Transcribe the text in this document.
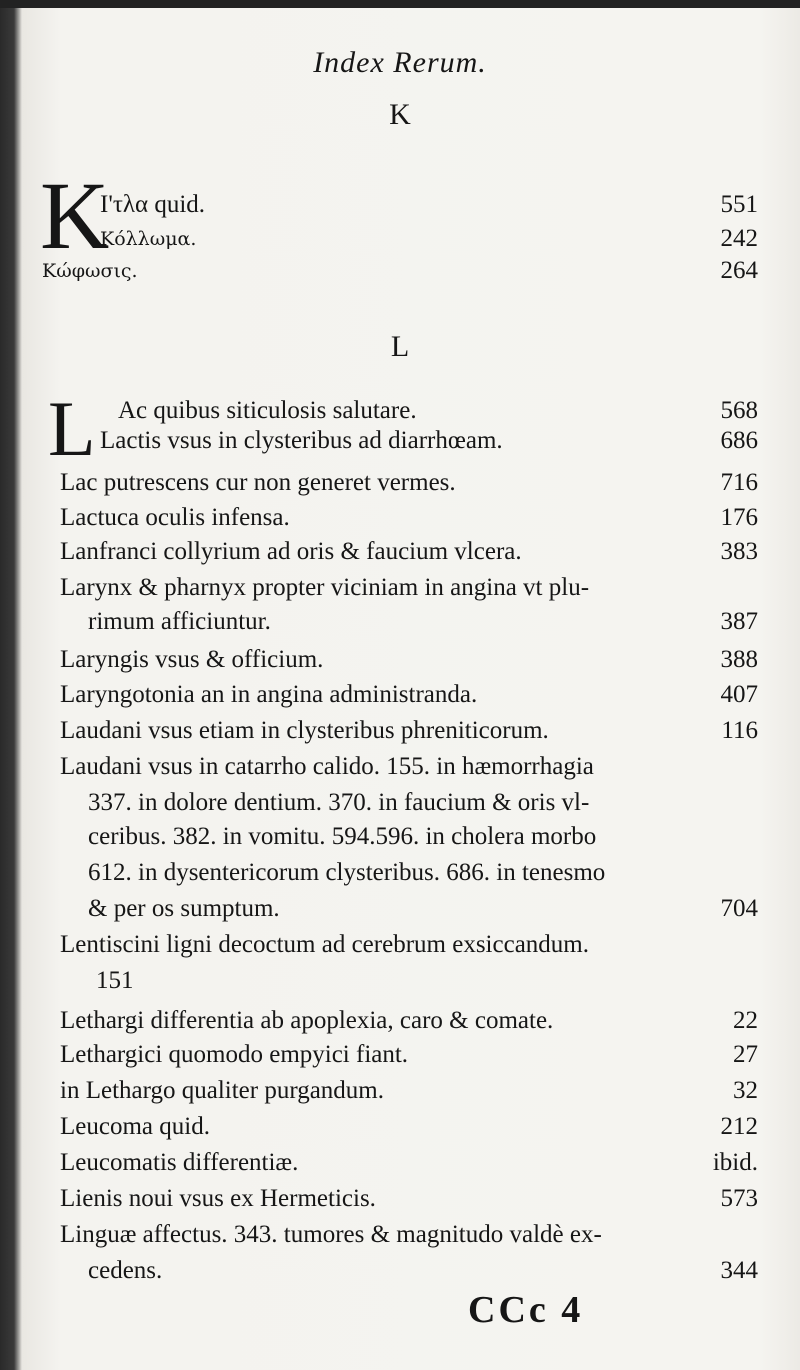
Index Rerum.
K
K
I'τλα quid.	551
Κόλλωμα.	242
Κώφωσις.	264
L
L Ac quibus siticulosis salutare.	568
Lactis vsus in clysteribus ad diarrhœam.	686
Lac putrescens cur non generet vermes.	716
Lactuca oculis infensa.	176
Lanfranci collyrium ad oris & faucium vlcera.	383
Larynx & pharnyx propter viciniam in angina vt plu-
rimum afficiuntur.	387
Laryngis vsus & officium.	388
Laryngotonia an in angina administranda.	407
Laudani vsus etiam in clysteribus phreniticorum.	116
Laudani vsus in catarrho calido. 155. in hæmorrhagia
337. in dolore dentium. 370. in faucium & oris vl-
ceribus. 382. in vomitu. 594.596. in cholera morbo
612. in dysentericorum clysteribus. 686. in tenesmo
& per os sumptum.	704
Lentiscini ligni decoctum ad cerebrum exsiccandum.
151
Lethargi differentia ab apoplexia, caro & comate.	22
Lethargici quomodo empyici fiant.	27
in Lethargo qualiter purgandum.	32
Leucoma quid.	212
Leucomatis differentiæ.	ibid.
Lienis noui vsus ex Hermeticis.	573
Linguæ affectus. 343. tumores & magnitudo valdè ex-
cedens.	344
CCc 4
